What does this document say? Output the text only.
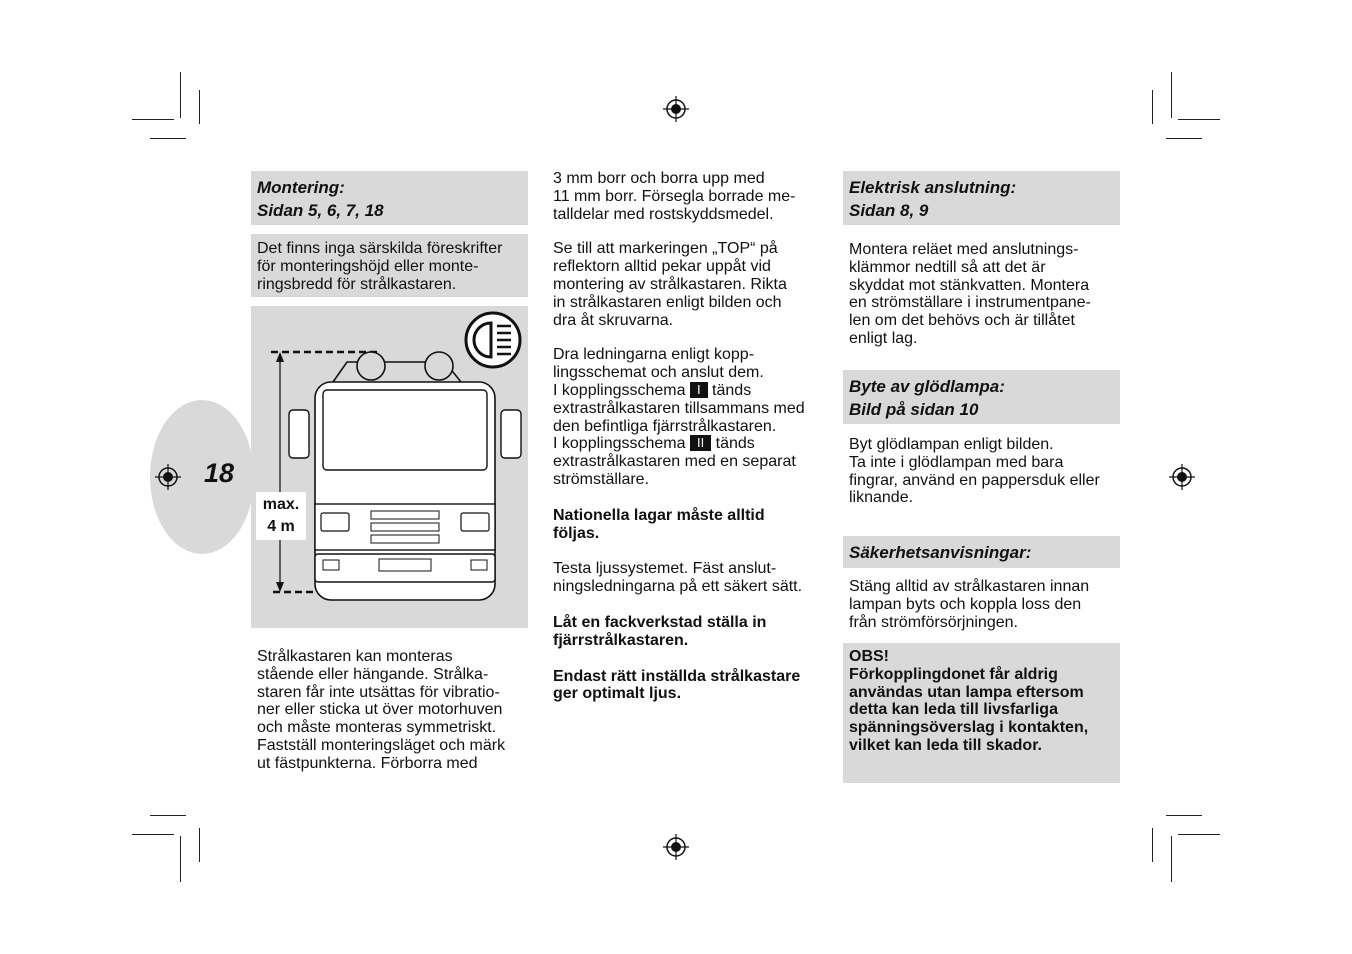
18
Montering:
Sidan 5, 6, 7, 18
Det finns inga särskilda föreskrifter
för monteringshöjd eller monte-
ringsbredd för strålkastaren.
max.
4 m
Strålkastaren kan monteras
stående eller hängande. Strålka-
staren får inte utsättas för vibratio-
ner eller sticka ut över motorhuven
och måste monteras symmetriskt.
Fastställ monteringsläget och märk
ut fästpunkterna. Förborra med
3 mm borr och borra upp med
11 mm borr. Försegla borrade me-
talldelar med rostskyddsmedel.
Se till att markeringen „TOP“ på
reflektorn alltid pekar uppåt vid
montering av strålkastaren. Rikta
in strålkastaren enligt bilden och
dra åt skruvarna.
Dra ledningarna enligt kopp-
lingsschemat och anslut dem.
I kopplingsschema I tänds
extrastrålkastaren tillsammans med
den befintliga fjärrstrålkastaren.
I kopplingsschema II tänds
extrastrålkastaren med en separat
strömställare.
Nationella lagar måste alltid
följas.
Testa ljussystemet. Fäst anslut-
ningsledningarna på ett säkert sätt.
Låt en fackverkstad ställa in
fjärrstrålkastaren.
Endast rätt inställda strålkastare
ger optimalt ljus.
Elektrisk anslutning:
Sidan 8, 9
Montera reläet med anslutnings-
klämmor nedtill så att det är
skyddat mot stänkvatten. Montera
en strömställare i instrumentpane-
len om det behövs och är tillåtet
enligt lag.
Byte av glödlampa:
Bild på sidan 10
Byt glödlampan enligt bilden.
Ta inte i glödlampan med bara
fingrar, använd en pappersduk eller
liknande.
Säkerhetsanvisningar:
Stäng alltid av strålkastaren innan
lampan byts och koppla loss den
från strömförsörjningen.
OBS!
Förkopplingdonet får aldrig
användas utan lampa eftersom
detta kan leda till livsfarliga
spänningsöverslag i kontakten,
vilket kan leda till skador.
